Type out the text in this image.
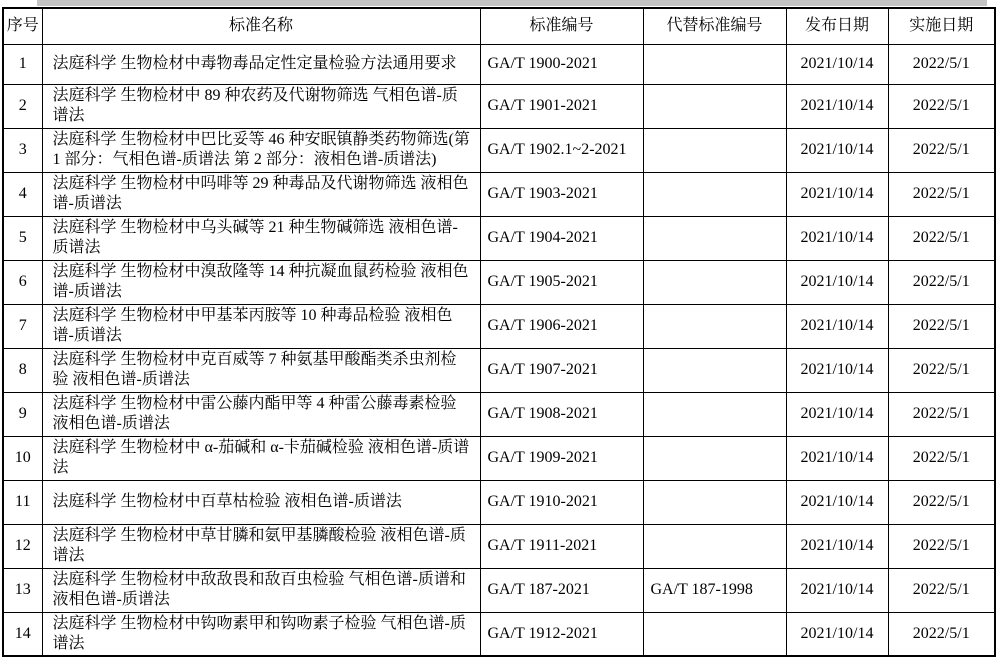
序号	标准名称	标准编号	代替标准编号	发布日期	实施日期
1	法庭科学 生物检材中毒物毒品定性定量检验方法通用要求	GA/T 1900-2021		2021/10/14	2022/5/1
2	法庭科学 生物检材中 89 种农药及代谢物筛选 气相色谱-质谱法	GA/T 1901-2021		2021/10/14	2022/5/1
3	法庭科学 生物检材中巴比妥等 46 种安眠镇静类药物筛选(第 1 部分：气相色谱-质谱法 第 2 部分：液相色谱-质谱法)	GA/T 1902.1~2-2021		2021/10/14	2022/5/1
4	法庭科学 生物检材中吗啡等 29 种毒品及代谢物筛选 液相色谱-质谱法	GA/T 1903-2021		2021/10/14	2022/5/1
5	法庭科学 生物检材中乌头碱等 21 种生物碱筛选 液相色谱-质谱法	GA/T 1904-2021		2021/10/14	2022/5/1
6	法庭科学 生物检材中溴敌隆等 14 种抗凝血鼠药检验 液相色谱-质谱法	GA/T 1905-2021		2021/10/14	2022/5/1
7	法庭科学 生物检材中甲基苯丙胺等 10 种毒品检验 液相色谱-质谱法	GA/T 1906-2021		2021/10/14	2022/5/1
8	法庭科学 生物检材中克百威等 7 种氨基甲酸酯类杀虫剂检验 液相色谱-质谱法	GA/T 1907-2021		2021/10/14	2022/5/1
9	法庭科学 生物检材中雷公藤内酯甲等 4 种雷公藤毒素检验 液相色谱-质谱法	GA/T 1908-2021		2021/10/14	2022/5/1
10	法庭科学 生物检材中 α-茄碱和 α-卡茄碱检验 液相色谱-质谱法	GA/T 1909-2021		2021/10/14	2022/5/1
11	法庭科学 生物检材中百草枯检验 液相色谱-质谱法	GA/T 1910-2021		2021/10/14	2022/5/1
12	法庭科学 生物检材中草甘膦和氨甲基膦酸检验 液相色谱-质谱法	GA/T 1911-2021		2021/10/14	2022/5/1
13	法庭科学 生物检材中敌敌畏和敌百虫检验 气相色谱-质谱和液相色谱-质谱法	GA/T 187-2021	GA/T 187-1998	2021/10/14	2022/5/1
14	法庭科学 生物检材中钩吻素甲和钩吻素子检验 气相色谱-质谱法	GA/T 1912-2021		2021/10/14	2022/5/1
